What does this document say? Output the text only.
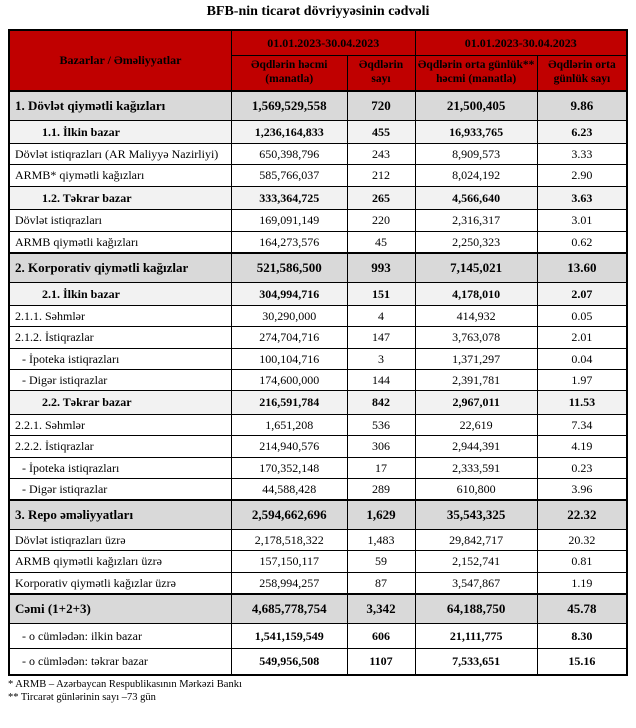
BFB-nin ticarət dövriyyəsinin cədvəli
Bazarlar / Əməliyyatlar	01.01.2023-30.04.2023		01.01.2023-30.04.2023	
	Əqdlərin həcmi (manatla)	Əqdlərin sayı	Əqdlərin orta günlük** həcmi (manatla)	Əqdlərin orta günlük sayı
1. Dövlət qiymətli kağızları	1,569,529,558	720	21,500,405	9.86
1.1. İlkin bazar	1,236,164,833	455	16,933,765	6.23
Dövlət istiqrazları (AR Maliyyə Nazirliyi)	650,398,796	243	8,909,573	3.33
ARMB* qiymətli kağızları	585,766,037	212	8,024,192	2.90
1.2. Təkrar bazar	333,364,725	265	4,566,640	3.63
Dövlət istiqrazları	169,091,149	220	2,316,317	3.01
ARMB qiymətli kağızları	164,273,576	45	2,250,323	0.62
2. Korporativ qiymətli kağızlar	521,586,500	993	7,145,021	13.60
2.1. İlkin bazar	304,994,716	151	4,178,010	2.07
2.1.1. Səhmlər	30,290,000	4	414,932	0.05
2.1.2. İstiqrazlar	274,704,716	147	3,763,078	2.01
- İpoteka istiqrazları	100,104,716	3	1,371,297	0.04
- Digər istiqrazlar	174,600,000	144	2,391,781	1.97
2.2. Təkrar bazar	216,591,784	842	2,967,011	11.53
2.2.1. Səhmlər	1,651,208	536	22,619	7.34
2.2.2. İstiqrazlar	214,940,576	306	2,944,391	4.19
- İpoteka istiqrazları	170,352,148	17	2,333,591	0.23
- Digər istiqrazlar	44,588,428	289	610,800	3.96
3. Repo əməliyyatları	2,594,662,696	1,629	35,543,325	22.32
Dövlət istiqrazları üzrə	2,178,518,322	1,483	29,842,717	20.32
ARMB qiymətli kağızları üzrə	157,150,117	59	2,152,741	0.81
Korporativ qiymətli kağızlar üzrə	258,994,257	87	3,547,867	1.19
Cəmi (1+2+3)	4,685,778,754	3,342	64,188,750	45.78
- o cümlədən: ilkin bazar	1,541,159,549	606	21,111,775	8.30
- o cümlədən: təkrar bazar	549,956,508	1107	7,533,651	15.16
* ARMB – Azərbaycan Respublikasının Mərkəzi Bankı
** Tircarət günlərinin sayı –73 gün
